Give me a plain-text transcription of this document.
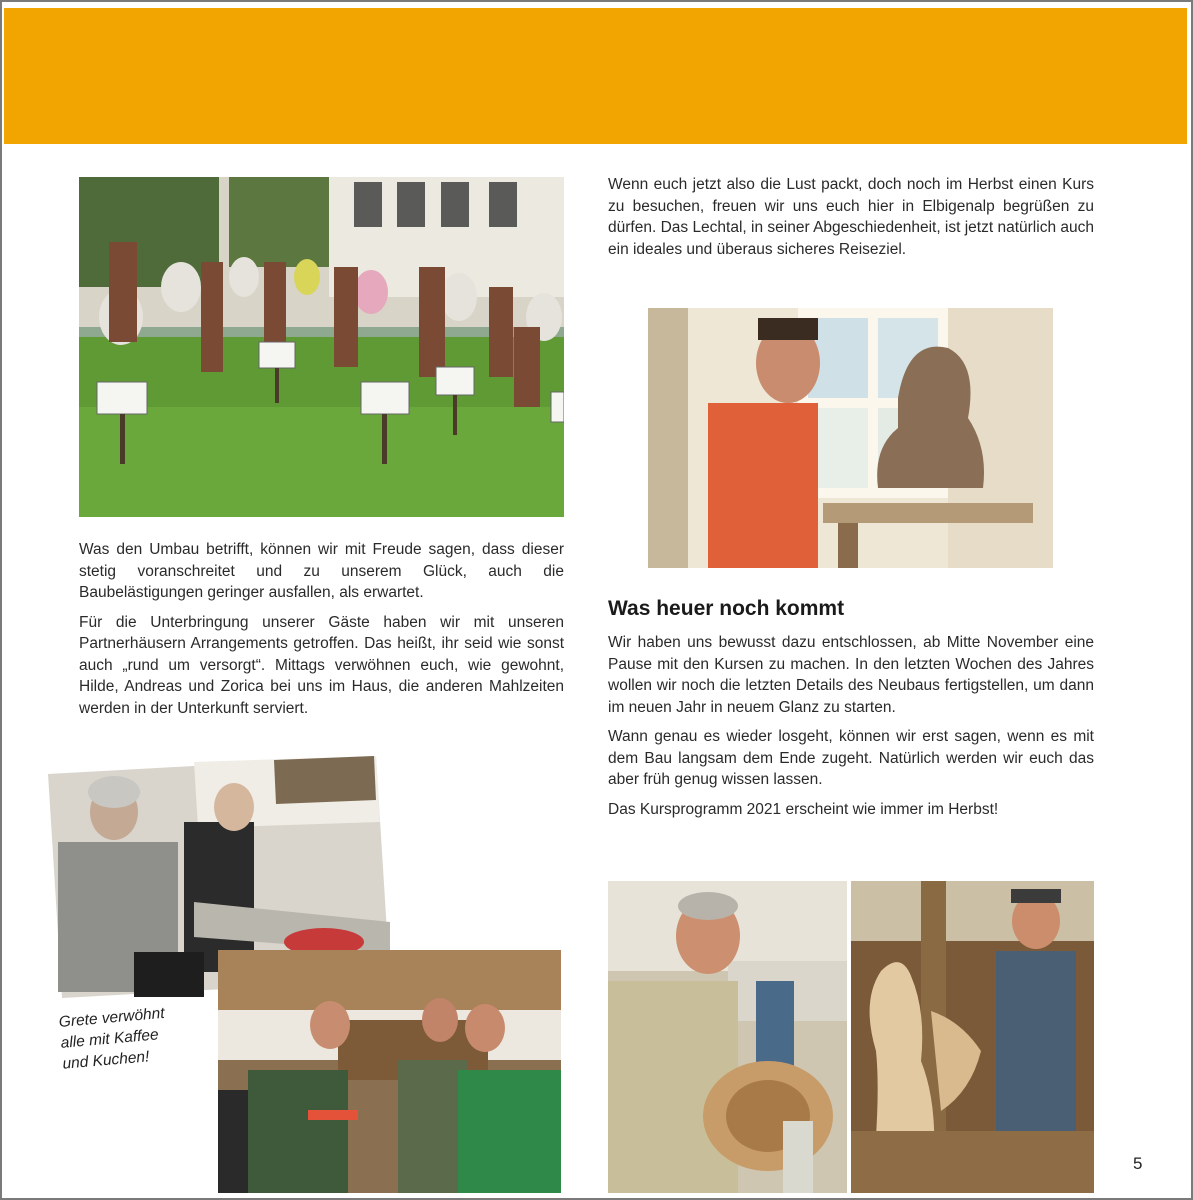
Wenn euch jetzt also die Lust packt, doch noch im Herbst einen Kurs zu besuchen, freuen wir uns euch hier in Elbigenalp begrüßen zu dürfen. Das Lechtal, in seiner Abgeschiedenheit, ist jetzt natürlich auch ein ideales und überaus sicheres Reiseziel.

Was den Umbau betrifft, können wir mit Freude sagen, dass dieser stetig voranschreitet und zu unserem Glück, auch die Baubelästigungen geringer ausfallen, als erwartet.

Für die Unterbringung unserer Gäste haben wir mit unseren Partnerhäusern Arrangements getroffen. Das heißt, ihr seid wie sonst auch „rund um versorgt“. Mittags verwöhnen euch, wie gewohnt, Hilde, Andreas und Zorica bei uns im Haus, die anderen Mahlzeiten werden in der Unterkunft serviert.

Was heuer noch kommt

Wir haben uns bewusst dazu entschlossen, ab Mitte November eine Pause mit den Kursen zu machen. In den letzten Wochen des Jahres wollen wir noch die letzten Details des Neubaus fertigstellen, um dann im neuen Jahr in neuem Glanz zu starten.

Wann genau es wieder losgeht, können wir erst sagen, wenn es mit dem Bau langsam dem Ende zugeht. Natürlich werden wir euch das aber früh genug wissen lassen.

Das Kursprogramm 2021 erscheint wie immer im Herbst!

Grete verwöhnt
alle mit Kaffee
und Kuchen!
5
